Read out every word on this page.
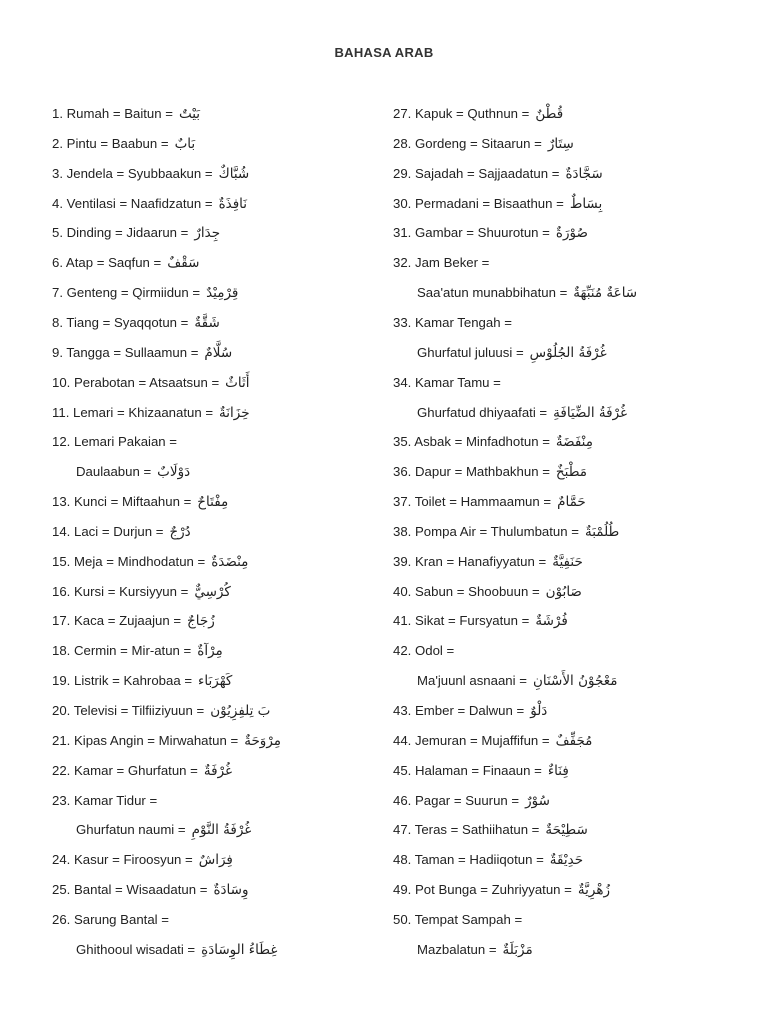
BAHASA ARAB
1. Rumah = Baitun = بَيْتٌ
2. Pintu = Baabun = بَابٌ
3. Jendela = Syubbaakun = شُبَّاكٌ
4. Ventilasi = Naafidzatun = نَافِذَةٌ
5. Dinding = Jidaarun = جِدَارٌ
6. Atap = Saqfun = سَقْفٌ
7. Genteng = Qirmiidun = قِرْمِيْدٌ
8. Tiang = Syaqqotun = شَقَّةٌ
9. Tangga = Sullaamun = سُلَّامٌ
10. Perabotan = Atsaatsun = أَثَاثٌ
11. Lemari = Khizaanatun = خِزَانَةٌ
12. Lemari Pakaian =
Daulaabun = دَوْلَابٌ
13. Kunci = Miftaahun = مِفْتَاحٌ
14. Laci = Durjun = دُرْجٌ
15. Meja = Mindhodatun = مِنْضَدَةٌ
16. Kursi = Kursiyyun = كُرْسِيٌّ
17. Kaca = Zujaajun = زُجَاجٌ
18. Cermin = Mir-atun = مِرْآةٌ
19. Listrik = Kahrobaa = كَهْرَبَاء
20. Televisi = Tilfiiziyuun = بَ تِلفِزِيُوْن
21. Kipas Angin = Mirwahatun = مِرْوَحَةٌ
22. Kamar = Ghurfatun = غُرْفَةٌ
23. Kamar Tidur =
Ghurfatun naumi = غُرْفَةُ النَّوْمِ
24. Kasur = Firoosyun = فِرَاشٌ
25. Bantal = Wisaadatun = وِسَادَةٌ
26. Sarung Bantal =
Ghithooul wisadati = غِطَاءُ الوِسَادَةِ
27. Kapuk = Quthnun = قُطْنٌ
28. Gordeng = Sitaarun = سِتَارٌ
29. Sajadah = Sajjaadatun = سَجَّادَةٌ
30. Permadani = Bisaathun = بِسَاطٌ
31. Gambar = Shuurotun = صُوْرَةٌ
32. Jam Beker =
Saa'atun munabbihatun = سَاعَةٌ مُنَبِّهَةٌ
33. Kamar Tengah =
Ghurfatul juluusi = غُرْفَةُ الجُلُوْسِ
34. Kamar Tamu =
Ghurfatud dhiyaafati = غُرْفَةُ الضِّيَافَةِ
35. Asbak = Minfadhotun = مِنْفَضَةٌ
36. Dapur = Mathbakhun = مَطْبَخٌ
37. Toilet = Hammaamun = حَمَّامٌ
38. Pompa Air = Thulumbatun = طُلُمْبَةٌ
39. Kran = Hanafiyyatun = حَنَفِيَّةٌ
40. Sabun = Shoobuun = صَابُوْن
41. Sikat = Fursyatun = فُرْشَةٌ
42. Odol =
Ma'juunl asnaani = مَعْجُوْنُ الأَسْنَانِ
43. Ember = Dalwun = دَلْوٌ
44. Jemuran = Mujaffifun = مُجَفِّفٌ
45. Halaman = Finaaun = فِنَاءٌ
46. Pagar = Suurun = سُوْرٌ
47. Teras = Sathiihatun = سَطِيْحَةٌ
48. Taman = Hadiiqotun = حَدِيْقَةٌ
49. Pot Bunga = Zuhriyyatun = زُهْرِيَّةٌ
50. Tempat Sampah =
Mazbalatun = مَزْبَلَةٌ
